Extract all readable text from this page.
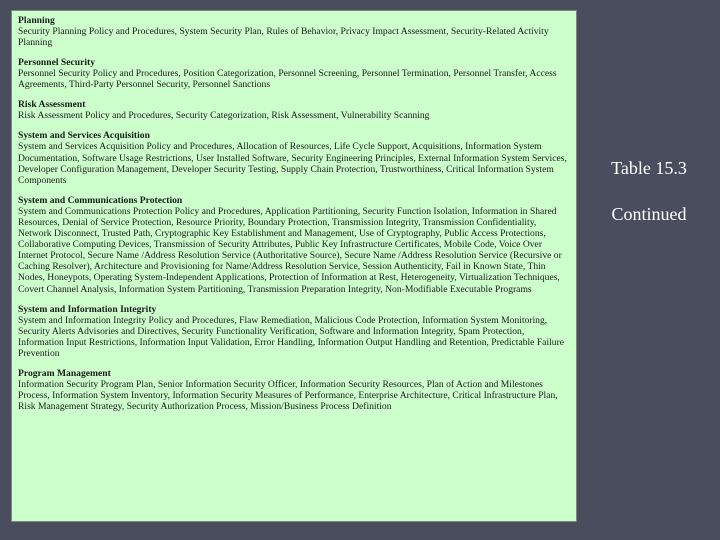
Planning

Security Planning Policy and Procedures, System Security Plan, Rules of Behavior, Privacy Impact Assessment, Security-Related Activity Planning

Personnel Security

Personnel Security Policy and Procedures, Position Categorization, Personnel Screening, Personnel Termination, Personnel Transfer, Access Agreements, Third-Party Personnel Security, Personnel Sanctions

Risk Assessment

Risk Assessment Policy and Procedures, Security Categorization, Risk Assessment, Vulnerability Scanning

System and Services Acquisition

System and Services Acquisition Policy and Procedures, Allocation of Resources, Life Cycle Support, Acquisitions, Information System Documentation, Software Usage Restrictions, User Installed Software, Security Engineering Principles, External Information System Services, Developer Configuration Management, Developer Security Testing, Supply Chain Protection, Trustworthiness, Critical Information System Components

System and Communications Protection

System and Communications Protection Policy and Procedures, Application Partitioning, Security Function Isolation, Information in Shared Resources, Denial of Service Protection, Resource Priority, Boundary Protection, Transmission Integrity, Transmission Confidentiality, Network Disconnect, Trusted Path, Cryptographic Key Establishment and Management, Use of Cryptography, Public Access Protections, Collaborative Computing Devices, Transmission of Security Attributes, Public Key Infrastructure Certificates, Mobile Code, Voice Over Internet Protocol, Secure Name /Address Resolution Service (Authoritative Source), Secure Name /Address Resolution Service (Recursive or Caching Resolver), Architecture and Provisioning for Name/Address Resolution Service, Session Authenticity, Fail in Known State, Thin Nodes, Honeypots, Operating System-Independent Applications, Protection of Information at Rest, Heterogeneity, Virtualization Techniques, Covert Channel Analysis, Information System Partitioning, Transmission Preparation Integrity, Non-Modifiable Executable Programs

System and Information Integrity

System and Information Integrity Policy and Procedures, Flaw Remediation, Malicious Code Protection, Information System Monitoring, Security Alerts Advisories and Directives, Security Functionality Verification, Software and Information Integrity, Spam Protection, Information Input Restrictions, Information Input Validation, Error Handling, Information Output Handling and Retention, Predictable Failure Prevention

Program Management

Information Security Program Plan, Senior Information Security Officer, Information Security Resources, Plan of Action and Milestones Process, Information System Inventory, Information Security Measures of Performance, Enterprise Architecture, Critical Infrastructure Plan, Risk Management Strategy, Security Authorization Process, Mission/Business Process Definition

Table 15.3
Continued
